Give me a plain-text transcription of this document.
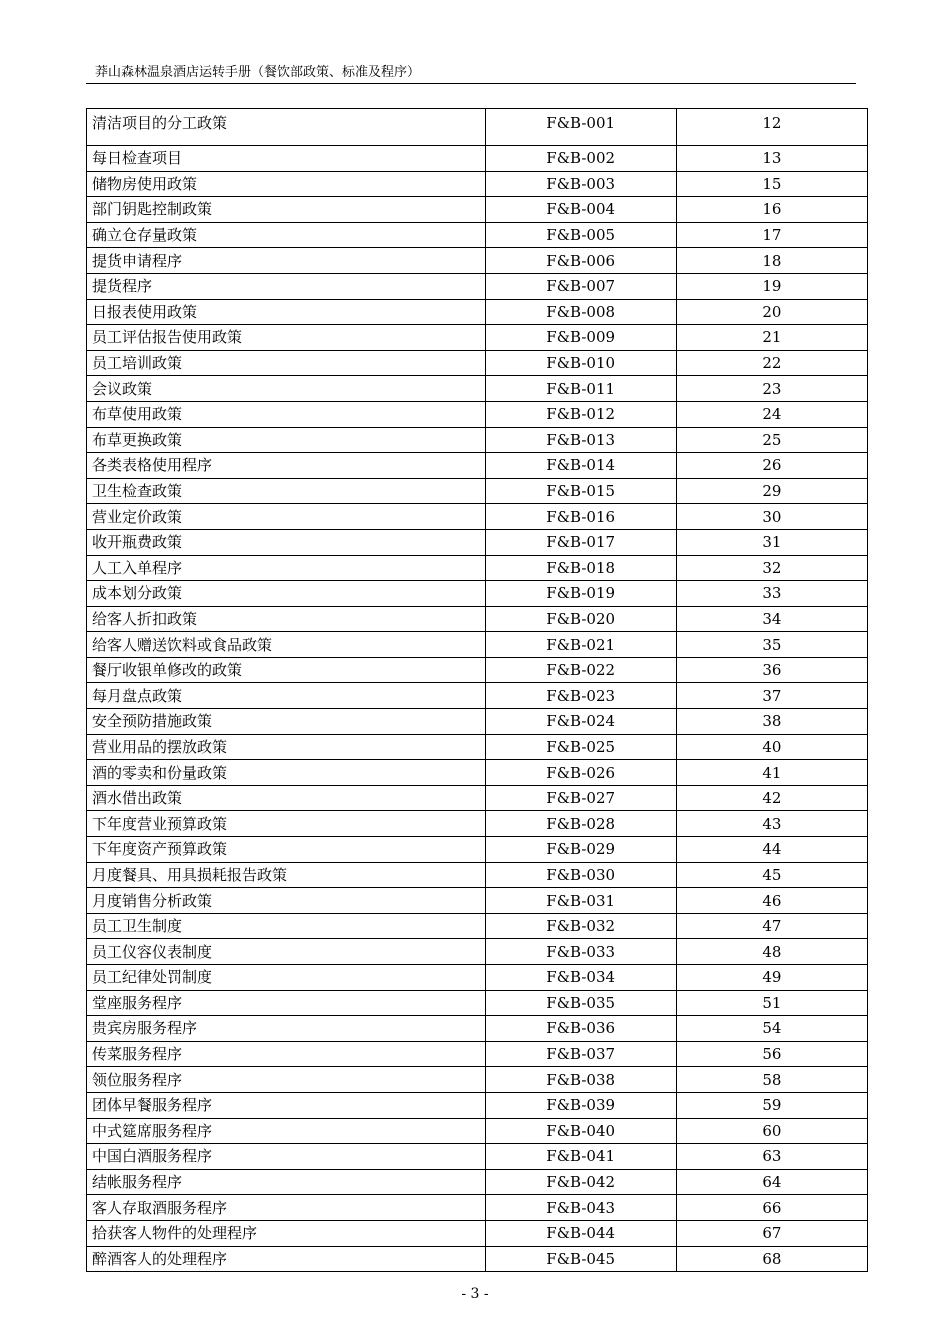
莽山森林温泉酒店运转手册（餐饮部政策、标准及程序）
清洁项目的分工政策	F&B-001	12
每日检查项目	F&B-002	13
储物房使用政策	F&B-003	15
部门钥匙控制政策	F&B-004	16
确立仓存量政策	F&B-005	17
提货申请程序	F&B-006	18
提货程序	F&B-007	19
日报表使用政策	F&B-008	20
员工评估报告使用政策	F&B-009	21
员工培训政策	F&B-010	22
会议政策	F&B-011	23
布草使用政策	F&B-012	24
布草更换政策	F&B-013	25
各类表格使用程序	F&B-014	26
卫生检查政策	F&B-015	29
营业定价政策	F&B-016	30
收开瓶费政策	F&B-017	31
人工入单程序	F&B-018	32
成本划分政策	F&B-019	33
给客人折扣政策	F&B-020	34
给客人赠送饮料或食品政策	F&B-021	35
餐厅收银单修改的政策	F&B-022	36
每月盘点政策	F&B-023	37
安全预防措施政策	F&B-024	38
营业用品的摆放政策	F&B-025	40
酒的零卖和份量政策	F&B-026	41
酒水借出政策	F&B-027	42
下年度营业预算政策	F&B-028	43
下年度资产预算政策	F&B-029	44
月度餐具、用具损耗报告政策	F&B-030	45
月度销售分析政策	F&B-031	46
员工卫生制度	F&B-032	47
员工仪容仪表制度	F&B-033	48
员工纪律处罚制度	F&B-034	49
堂座服务程序	F&B-035	51
贵宾房服务程序	F&B-036	54
传菜服务程序	F&B-037	56
领位服务程序	F&B-038	58
团体早餐服务程序	F&B-039	59
中式筵席服务程序	F&B-040	60
中国白酒服务程序	F&B-041	63
结帐服务程序	F&B-042	64
客人存取酒服务程序	F&B-043	66
拾获客人物件的处理程序	F&B-044	67
醉酒客人的处理程序	F&B-045	68
- 3 -
